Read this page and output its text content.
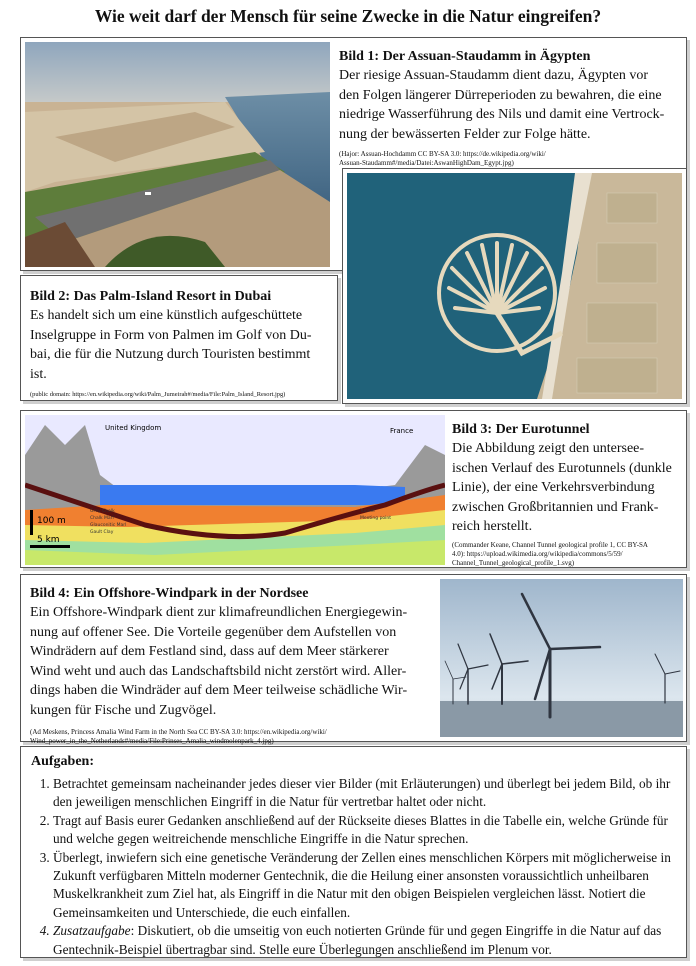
Wie weit darf der Mensch für seine Zwecke in die Natur eingreifen?
Bild 1: Der Assuan-Staudamm in Ägypten
Der riesige Assuan-Staudamm dient dazu, Ägypten vor
den Folgen längerer Dürreperioden zu bewahren, die eine
niedrige Wasserführung des Nils und damit eine Vertrock-
nung der bewässerten Felder zur Folge hätte.
(Hajor: Assuan-Hochdamm CC BY-SA 3.0: https://de.wikipedia.org/wiki/
Assuan-Staudamm#/media/Datei:AswanHighDam_Egypt.jpg)
Bild 2: Das Palm-Island Resort in Dubai
Es handelt sich um eine künstlich aufgeschüttete
Inselgruppe in Form von Palmen im Golf von Du-
bai, die für die Nutzung durch Touristen bestimmt
ist.
(public domain: https://en.wikipedia.org/wiki/Palm_Jumeirah#/media/File:Palm_Island_Resort.jpg)
United Kingdom	France
100 m
5 km
Grey Chalk
Chalk Marl
Glauconitic Marl
Gault Clay
Tunnel
Meeting point
Bild 3: Der Eurotunnel
Die Abbildung zeigt den untersee-
ischen Verlauf des Eurotunnels (dunkle
Linie), der eine Verkehrsverbindung
zwischen Großbritannien und Frank-
reich herstellt.
(Commander Keane, Channel Tunnel geological profile 1, CC BY-SA
4.0): https://upload.wikimedia.org/wikipedia/commons/5/59/
Channel_Tunnel_geological_profile_1.svg)
Bild 4: Ein Offshore-Windpark in der Nordsee
Ein Offshore-Windpark dient zur klimafreundlichen Energiegewin-
nung auf offener See. Die Vorteile gegenüber dem Aufstellen von
Windrädern auf dem Festland sind, dass auf dem Meer stärkerer
Wind weht und auch das Landschaftsbild nicht zerstört wird. Aller-
dings haben die Windräder auf dem Meer teilweise schädliche Wir-
kungen für Fische und Zugvögel.
(Ad Meskens, Princess Amalia Wind Farm in the North Sea CC BY-SA 3.0: https://en.wikipedia.org/wiki/
Wind_power_in_the_Netherlands#/media/File:Prinses_Amalia_windmolenpark_4.jpg)
Aufgaben:
1. Betrachtet gemeinsam nacheinander jedes dieser vier Bilder (mit Erläuterungen) und überlegt bei jedem Bild, ob ihr den jeweiligen menschlichen Eingriff in die Natur für vertretbar haltet oder nicht.
2. Tragt auf Basis eurer Gedanken anschließend auf der Rückseite dieses Blattes in die Tabelle ein, welche Gründe für und welche gegen weitreichende menschliche Eingriffe in die Natur sprechen.
3. Überlegt, inwiefern sich eine genetische Veränderung der Zellen eines menschlichen Körpers mit möglicherweise in Zukunft verfügbaren Mitteln moderner Gentechnik, die die Heilung einer ansonsten voraussichtlich unheilbaren Muskelkrankheit zum Ziel hat, als Eingriff in die Natur mit den obigen Beispielen vergleichen lässt. Notiert die Gemeinsamkeiten und Unterschiede, die euch einfallen.
4. Zusatzaufgabe: Diskutiert, ob die umseitig von euch notierten Gründe für und gegen Eingriffe in die Natur auf das Gentechnik-Beispiel übertragbar sind. Stelle eure Überlegungen anschließend im Plenum vor.
